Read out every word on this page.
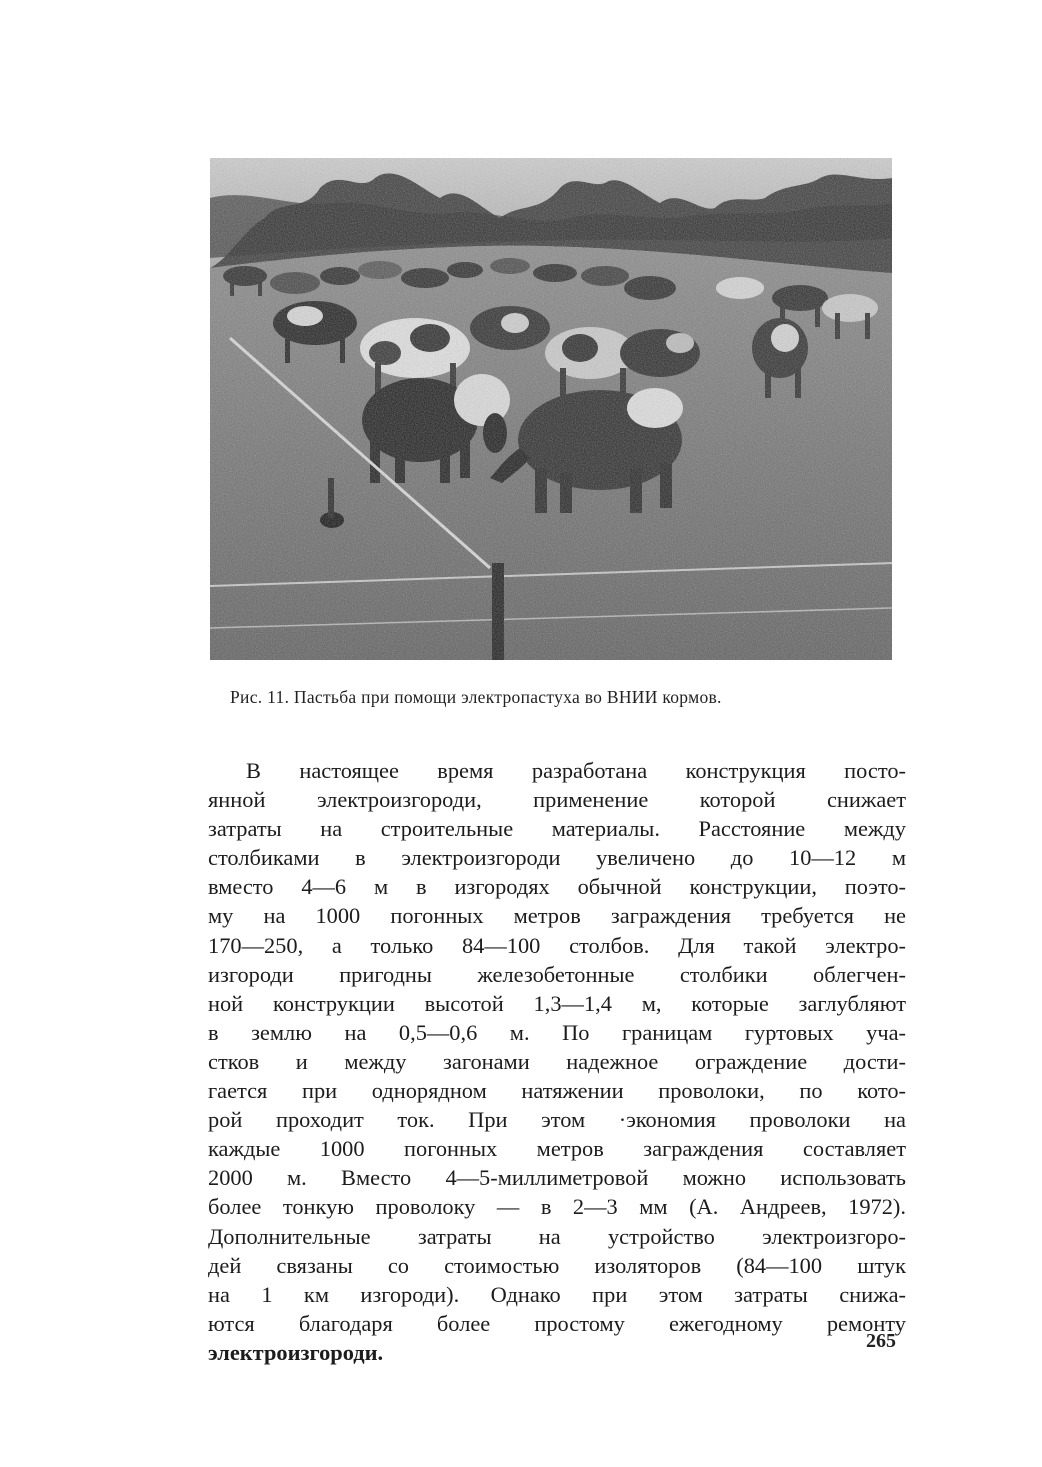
Рис. 11. Пастьба при помощи электропастуха во ВНИИ кормов.
В настоящее время разработана конструкция посто-
янной электроизгороди, применение которой снижает
затраты на строительные материалы. Расстояние между
столбиками в электроизгороди увеличено до 10—12 м
вместо 4—6 м в изгородях обычной конструкции, поэто-
му на 1000 погонных метров заграждения требуется не
170—250, а только 84—100 столбов. Для такой электро-
изгороди пригодны железобетонные столбики облегчен-
ной конструкции высотой 1,3—1,4 м, которые заглубляют
в землю на 0,5—0,6 м. По границам гуртовых уча-
стков и между загонами надежное ограждение дости-
гается при однорядном натяжении проволоки, по кото-
рой проходит ток. При этом ·экономия проволоки на
каждые 1000 погонных метров заграждения составляет
2000 м. Вместо 4—5-миллиметровой можно использовать
более тонкую проволоку — в 2—3 мм (А. Андреев, 1972).
Дополнительные затраты на устройство электроизгоро-
дей связаны со стоимостью изоляторов (84—100 штук
на 1 км изгороди). Однако при этом затраты снижа-
ются благодаря более простому ежегодному ремонту
электроизгороди.	265
